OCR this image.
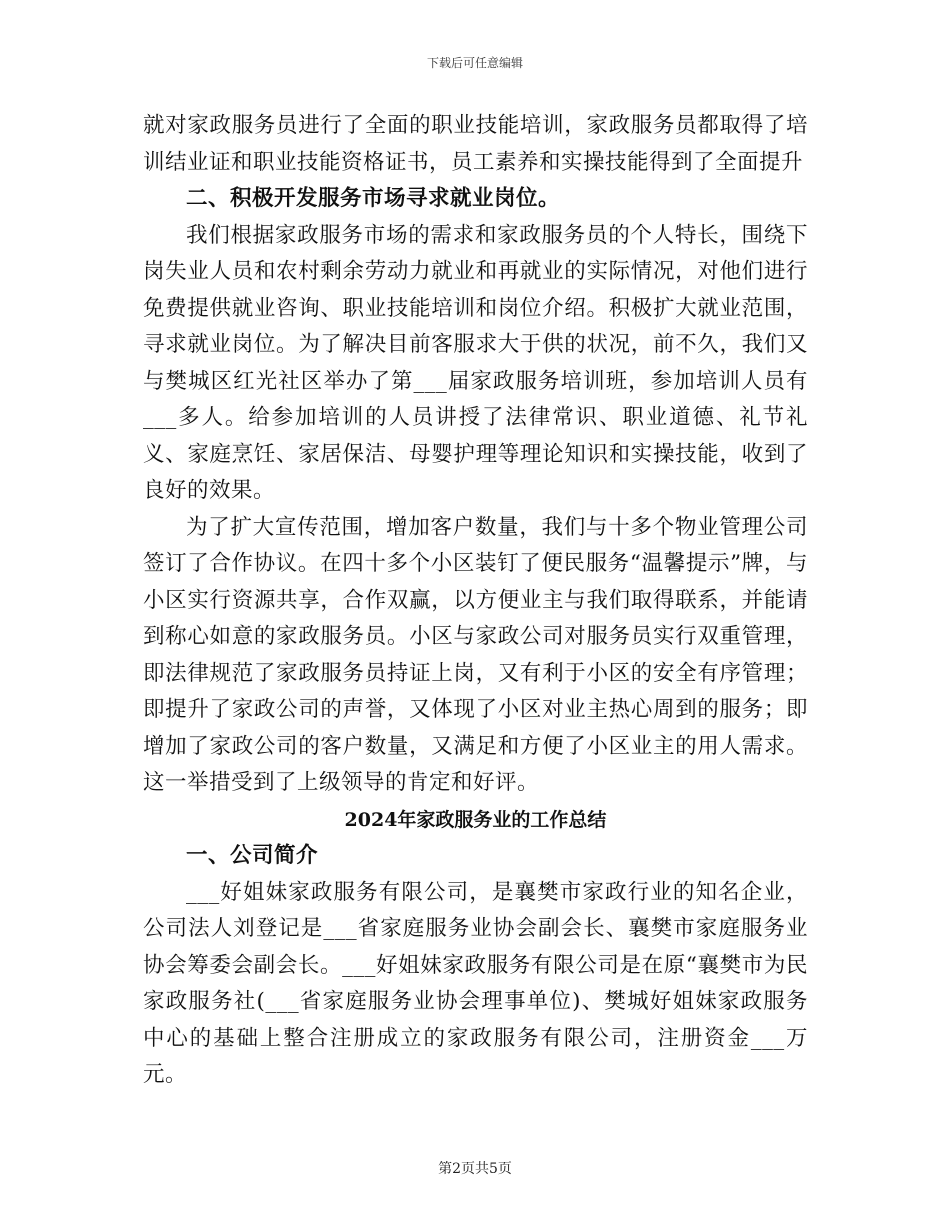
下载后可任意编辑

就对家政服务员进行了全面的职业技能培训，家政服务员都取得了培训结业证和职业技能资格证书，员工素养和实操技能得到了全面提升

二、积极开发服务市场寻求就业岗位。

我们根据家政服务市场的需求和家政服务员的个人特长，围绕下岗失业人员和农村剩余劳动力就业和再就业的实际情况，对他们进行免费提供就业咨询、职业技能培训和岗位介绍。积极扩大就业范围，寻求就业岗位。为了解决目前客服求大于供的状况，前不久，我们又与樊城区红光社区举办了第___届家政服务培训班，参加培训人员有___多人。给参加培训的人员讲授了法律常识、职业道德、礼节礼义、家庭烹饪、家居保洁、母婴护理等理论知识和实操技能，收到了良好的效果。

为了扩大宣传范围，增加客户数量，我们与十多个物业管理公司签订了合作协议。在四十多个小区装钉了便民服务“温馨提示”牌，与小区实行资源共享，合作双赢，以方便业主与我们取得联系，并能请到称心如意的家政服务员。小区与家政公司对服务员实行双重管理，即法律规范了家政服务员持证上岗，又有利于小区的安全有序管理；即提升了家政公司的声誉，又体现了小区对业主热心周到的服务；即增加了家政公司的客户数量，又满足和方便了小区业主的用人需求。这一举措受到了上级领导的肯定和好评。

2024年家政服务业的工作总结

一、公司简介

___好姐妹家政服务有限公司，是襄樊市家政行业的知名企业，公司法人刘登记是___省家庭服务业协会副会长、襄樊市家庭服务业协会筹委会副会长。___好姐妹家政服务有限公司是在原“襄樊市为民家政服务社(___省家庭服务业协会理事单位)、樊城好姐妹家政服务中心的基础上整合注册成立的家政服务有限公司，注册资金___万元。

第2页共5页
